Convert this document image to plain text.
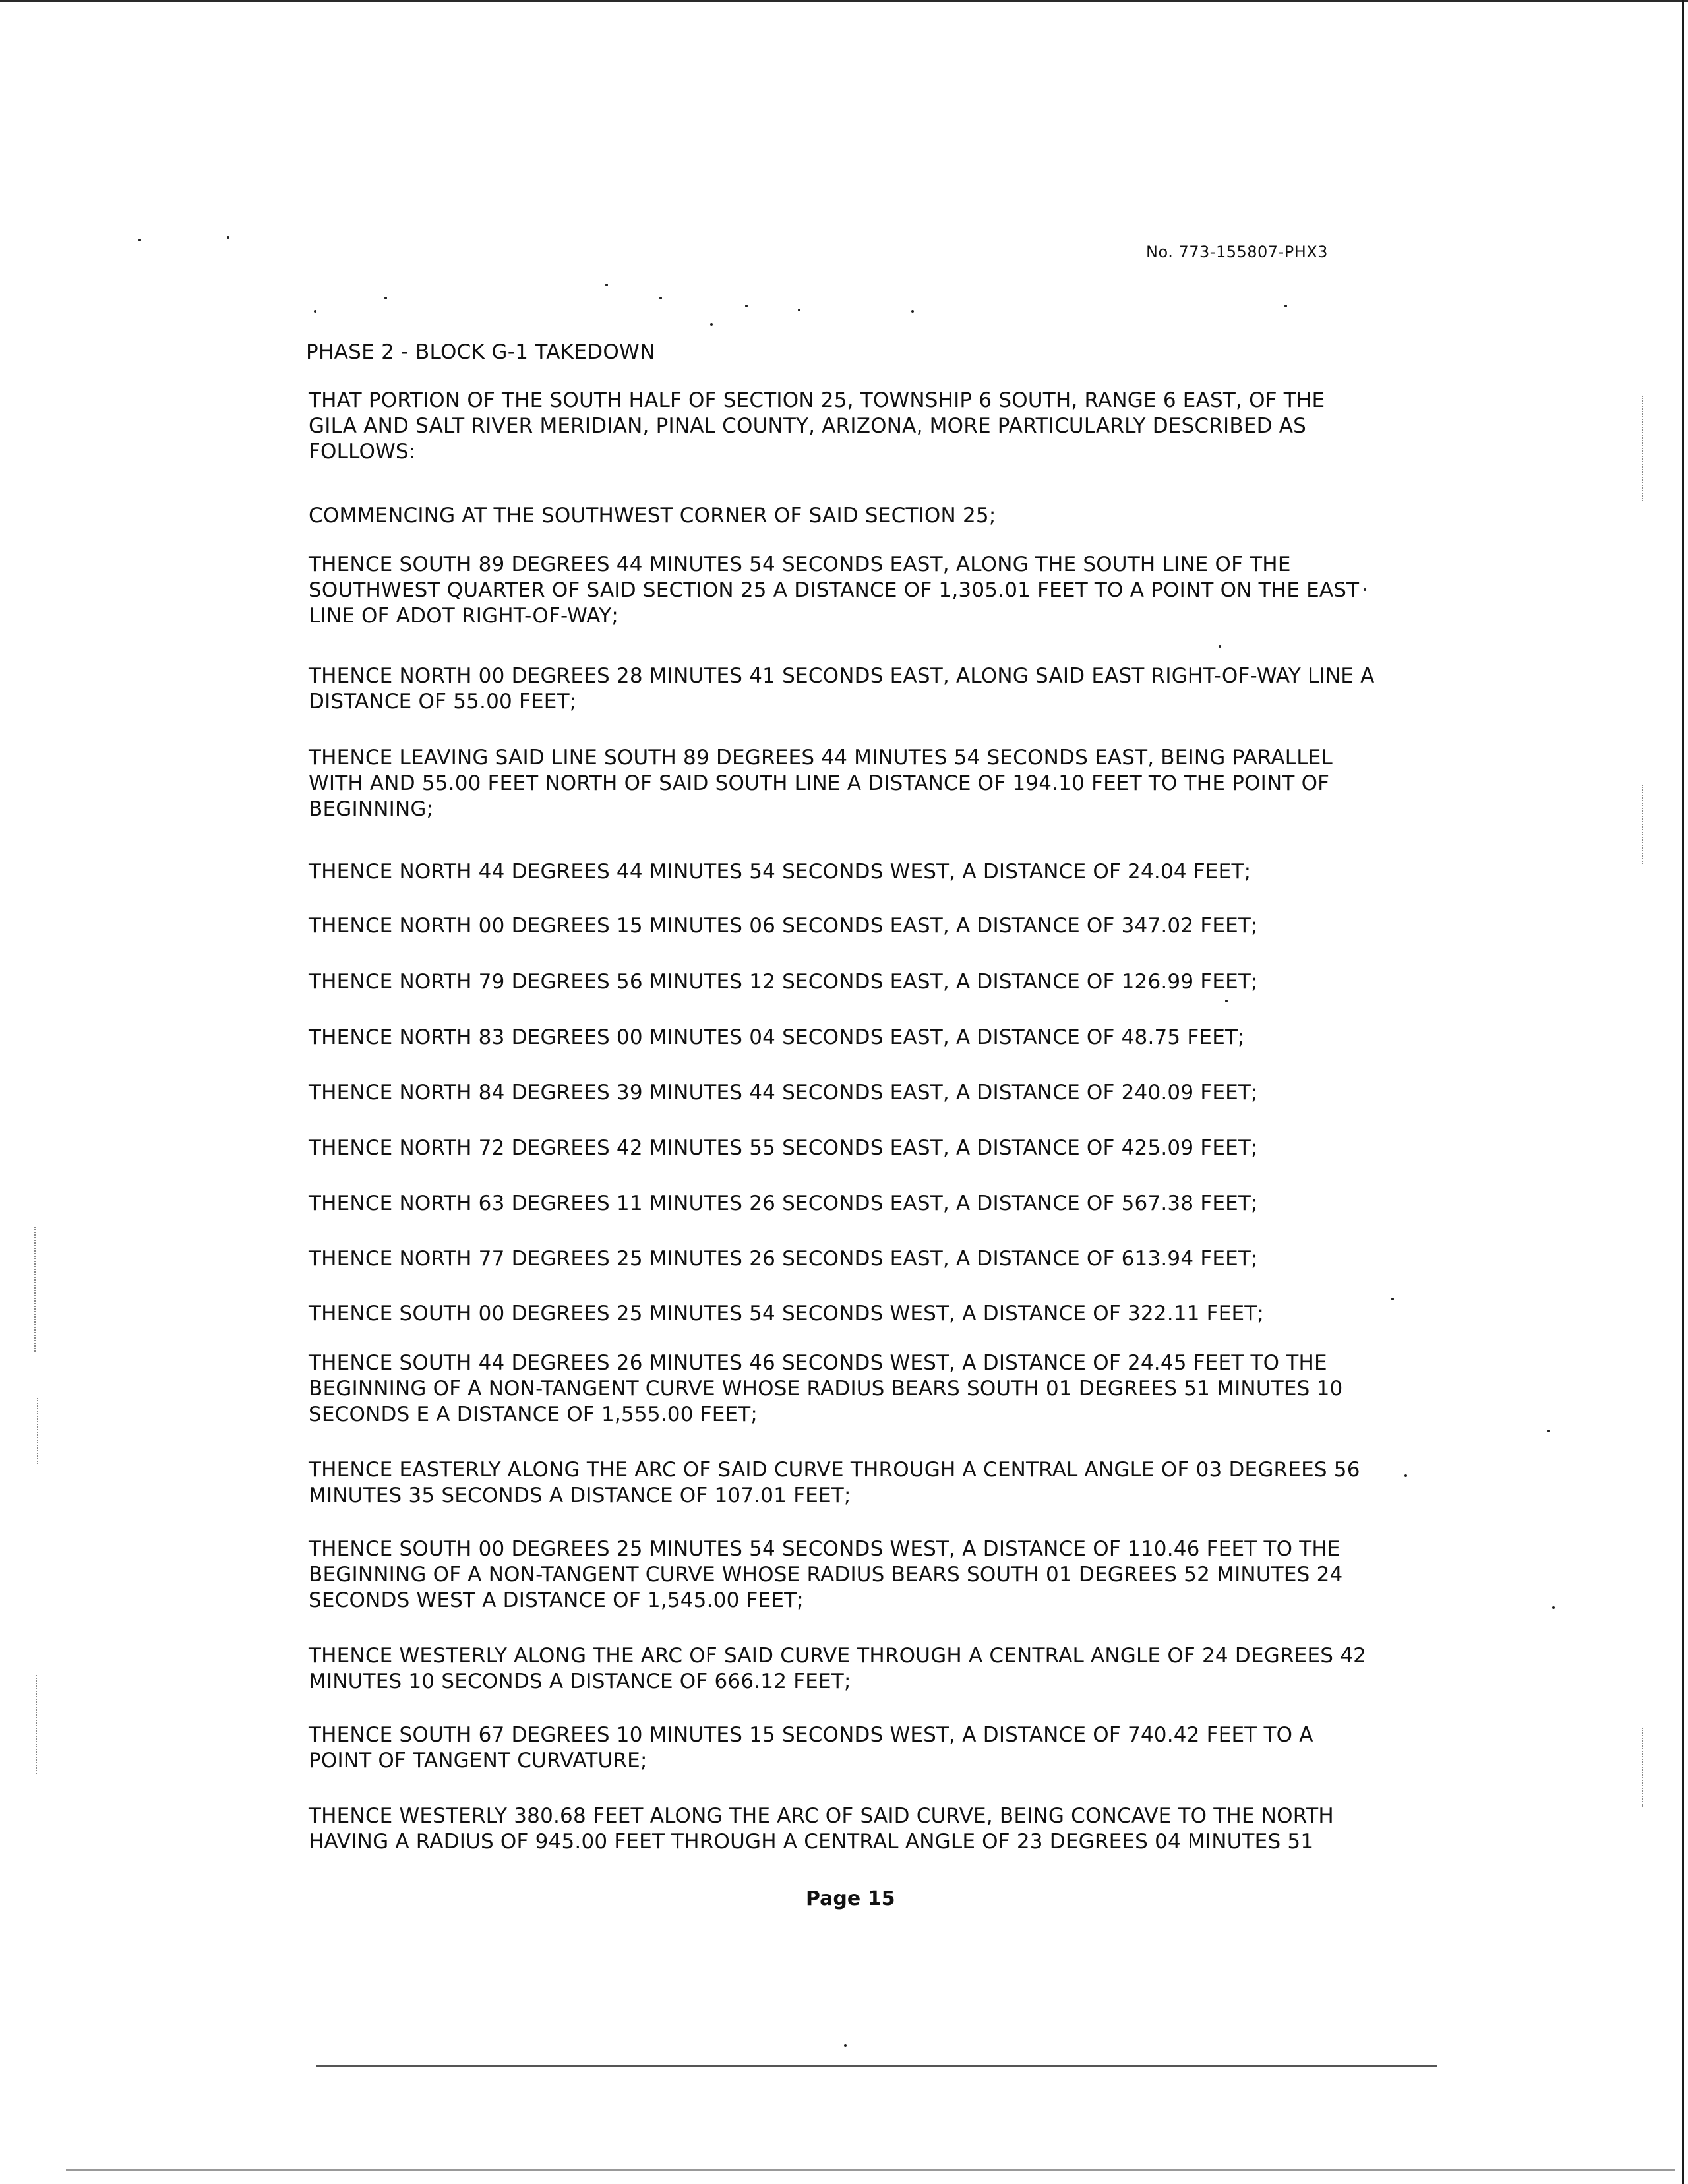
No. 773-155807-PHX3
PHASE 2 - BLOCK G-1 TAKEDOWN

THAT PORTION OF THE SOUTH HALF OF SECTION 25, TOWNSHIP 6 SOUTH, RANGE 6 EAST, OF THE GILA AND SALT RIVER MERIDIAN, PINAL COUNTY, ARIZONA, MORE PARTICULARLY DESCRIBED AS FOLLOWS:

COMMENCING AT THE SOUTHWEST CORNER OF SAID SECTION 25;

THENCE SOUTH 89 DEGREES 44 MINUTES 54 SECONDS EAST, ALONG THE SOUTH LINE OF THE SOUTHWEST QUARTER OF SAID SECTION 25 A DISTANCE OF 1,305.01 FEET TO A POINT ON THE EAST LINE OF ADOT RIGHT-OF-WAY;

THENCE NORTH 00 DEGREES 28 MINUTES 41 SECONDS EAST, ALONG SAID EAST RIGHT-OF-WAY LINE A DISTANCE OF 55.00 FEET;

THENCE LEAVING SAID LINE SOUTH 89 DEGREES 44 MINUTES 54 SECONDS EAST, BEING PARALLEL WITH AND 55.00 FEET NORTH OF SAID SOUTH LINE A DISTANCE OF 194.10 FEET TO THE POINT OF BEGINNING;

THENCE NORTH 44 DEGREES 44 MINUTES 54 SECONDS WEST, A DISTANCE OF 24.04 FEET;

THENCE NORTH 00 DEGREES 15 MINUTES 06 SECONDS EAST, A DISTANCE OF 347.02 FEET;

THENCE NORTH 79 DEGREES 56 MINUTES 12 SECONDS EAST, A DISTANCE OF 126.99 FEET;

THENCE NORTH 83 DEGREES 00 MINUTES 04 SECONDS EAST, A DISTANCE OF 48.75 FEET;

THENCE NORTH 84 DEGREES 39 MINUTES 44 SECONDS EAST, A DISTANCE OF 240.09 FEET;

THENCE NORTH 72 DEGREES 42 MINUTES 55 SECONDS EAST, A DISTANCE OF 425.09 FEET;

THENCE NORTH 63 DEGREES 11 MINUTES 26 SECONDS EAST, A DISTANCE OF 567.38 FEET;

THENCE NORTH 77 DEGREES 25 MINUTES 26 SECONDS EAST, A DISTANCE OF 613.94 FEET;

THENCE SOUTH 00 DEGREES 25 MINUTES 54 SECONDS WEST, A DISTANCE OF 322.11 FEET;

THENCE SOUTH 44 DEGREES 26 MINUTES 46 SECONDS WEST, A DISTANCE OF 24.45 FEET TO THE BEGINNING OF A NON-TANGENT CURVE WHOSE RADIUS BEARS SOUTH 01 DEGREES 51 MINUTES 10 SECONDS E A DISTANCE OF 1,555.00 FEET;

THENCE EASTERLY ALONG THE ARC OF SAID CURVE THROUGH A CENTRAL ANGLE OF 03 DEGREES 56 MINUTES 35 SECONDS A DISTANCE OF 107.01 FEET;

THENCE SOUTH 00 DEGREES 25 MINUTES 54 SECONDS WEST, A DISTANCE OF 110.46 FEET TO THE BEGINNING OF A NON-TANGENT CURVE WHOSE RADIUS BEARS SOUTH 01 DEGREES 52 MINUTES 24 SECONDS WEST A DISTANCE OF 1,545.00 FEET;

THENCE WESTERLY ALONG THE ARC OF SAID CURVE THROUGH A CENTRAL ANGLE OF 24 DEGREES 42 MINUTES 10 SECONDS A DISTANCE OF 666.12 FEET;

THENCE SOUTH 67 DEGREES 10 MINUTES 15 SECONDS WEST, A DISTANCE OF 740.42 FEET TO A POINT OF TANGENT CURVATURE;

THENCE WESTERLY 380.68 FEET ALONG THE ARC OF SAID CURVE, BEING CONCAVE TO THE NORTH HAVING A RADIUS OF 945.00 FEET THROUGH A CENTRAL ANGLE OF 23 DEGREES 04 MINUTES 51

Page 15
